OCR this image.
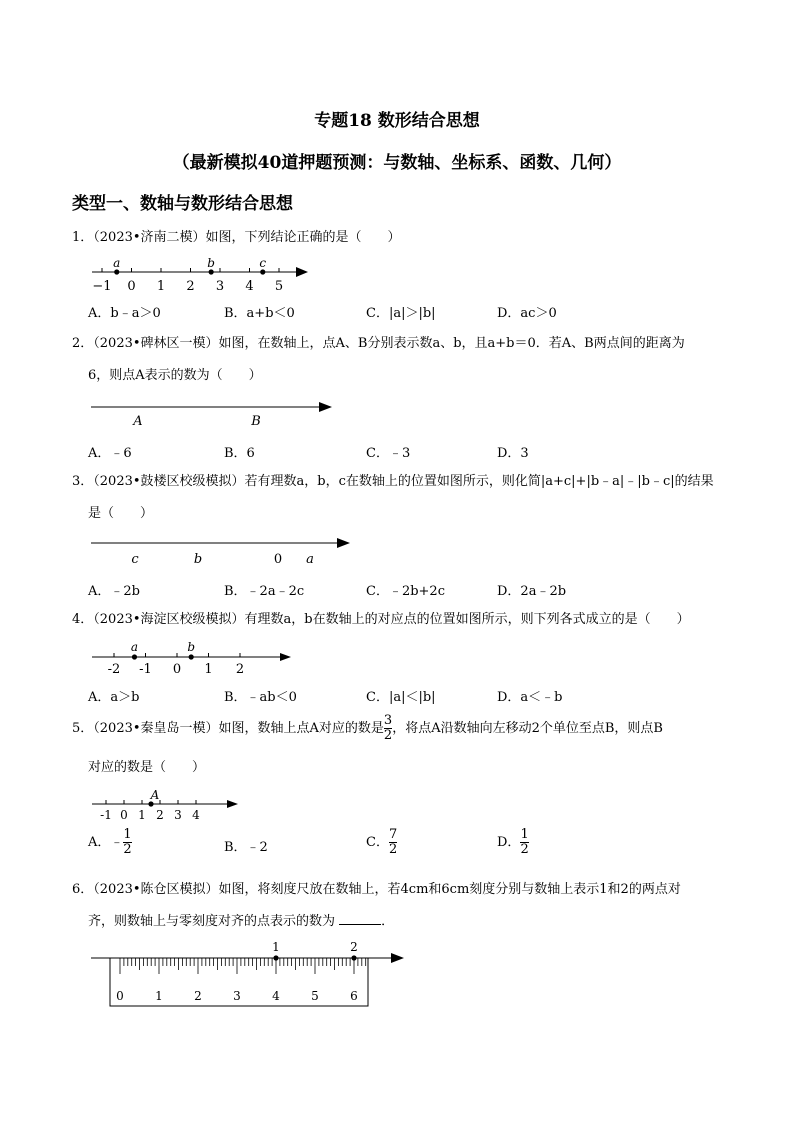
专题18 数形结合思想
（最新模拟40道押题预测：与数轴、坐标系、函数、几何）
类型一、数轴与数形结合思想
1．（2023•济南二模）如图，下列结论正确的是（　　）
−1 0 1 2 3 4 5
a	b	c
A．b﹣a＞0	B．a+b＜0	C．|a|＞|b|	D．ac＞0
2．（2023•碑林区一模）如图，在数轴上，点A、B分别表示数a、b，且a+b＝0．若A、B两点间的距离为
6，则点A表示的数为（　　）
A	B
A．﹣6	B．6	C．﹣3	D．3
3．（2023•鼓楼区校级模拟）若有理数a，b，c在数轴上的位置如图所示，则化简|a+c|+|b﹣a|﹣|b﹣c|的结果
是（　　）
c	b	0 a
A．﹣2b	B．﹣2a﹣2c	C．﹣2b+2c	D．2a﹣2b
4．（2023•海淀区校级模拟）有理数a，b在数轴上的对应点的位置如图所示，则下列各式成立的是（　　）
-2 -1 0 1 2
a	b
A．a＞b	B．﹣ab＜0	C．|a|＜|b|	D．a＜﹣b
5．（2023•秦皇岛一模）如图，数轴上点A对应的数是 $\frac{3}{2}$ ，将点A沿数轴向左移动2个单位至点B，则点B
对应的数是（　　）
-1 0 1 2 3 4
A
A．﹣ $\frac{1}{2}$	B．﹣2	C． $\frac{7}{2}$	D． $\frac{1}{2}$
6．（2023•陈仓区模拟）如图，将刻度尺放在数轴上，若4cm和6cm刻度分别与数轴上表示1和2的两点对
齐，则数轴上与零刻度对齐的点表示的数为	．
0	1	2	3	4	5	6
1	2
